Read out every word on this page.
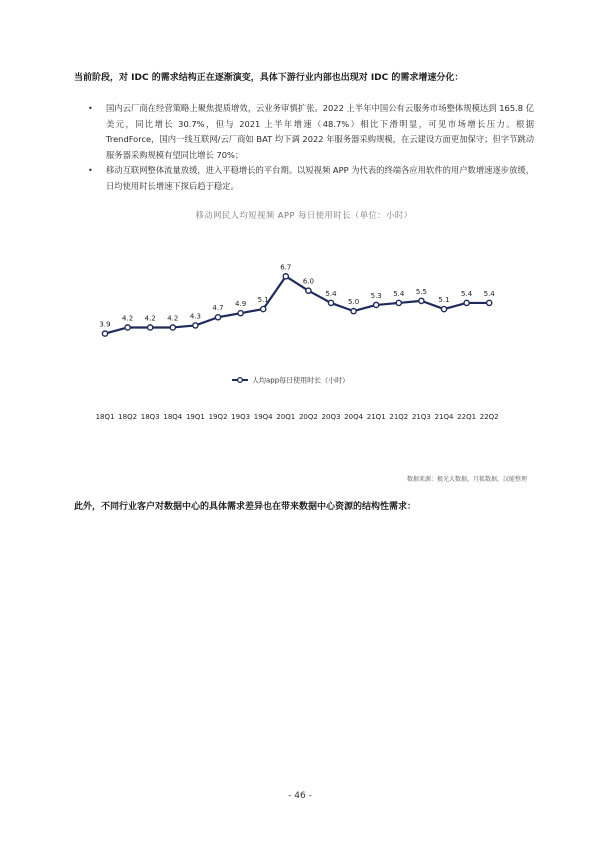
当前阶段，对 IDC 的需求结构正在逐渐演变，具体下游行业内部也出现对 IDC 的需求增速分化：
• 国内云厂商在经营策略上聚焦提质增效，云业务审慎扩张。2022 上半年中国公有云服务市场整体规模达到 165.8 亿美元，同比增长 30.7%，但与 2021 上半年增速（48.7%）相比下滑明显，可见市场增长压力。根据 TrendForce，国内一线互联网/云厂商如 BAT 均下调 2022 年服务器采购规模，在云建设方面更加保守；但字节跳动服务器采购规模有望同比增长 70%；
• 移动互联网整体流量放缓，进入平稳增长的平台期。以短视频 APP 为代表的终端各应用软件的用户数增速逐步放缓，日均使用时长增速下探后趋于稳定。
移动网民人均短视频 APP 每日使用时长（单位：小时）
3.9
4.2 4.2 4.2 4.3
4.7
4.9
5.1
6.7
6.0
5.4
5.0
5.3 5.4 5.5
5.1
5.4 5.4
18Q1 18Q2 18Q3 18Q4 19Q1 19Q2 19Q3 19Q4 20Q1 20Q2 20Q3 20Q4 21Q1 21Q2 21Q3 21Q4 22Q1 22Q2
人均app每日使用时长（小时）
数据来源：极光大数据，月狐数据，汉能整理
此外，不同行业客户对数据中心的具体需求差异也在带来数据中心资源的结构性需求：
- 46 -
